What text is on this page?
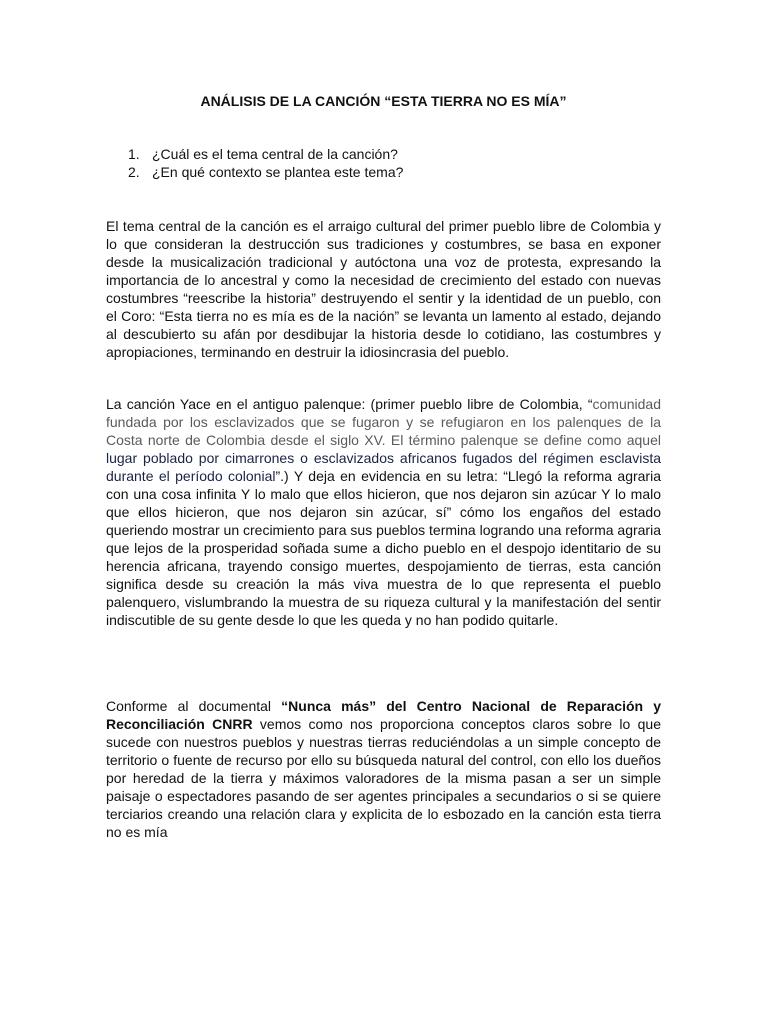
ANÁLISIS DE LA CANCIÓN “ESTA TIERRA NO ES MÍA”
1. ¿Cuál es el tema central de la canción?
2. ¿En qué contexto se plantea este tema?

El tema central de la canción es el arraigo cultural del primer pueblo libre de Colombia y lo que consideran la destrucción sus tradiciones y costumbres, se basa en exponer desde la musicalización tradicional y autóctona una voz de protesta, expresando la importancia de lo ancestral y como la necesidad de crecimiento del estado con nuevas costumbres “reescribe la historia” destruyendo el sentir y la identidad de un pueblo, con el Coro: “Esta tierra no es mía es de la nación” se levanta un lamento al estado, dejando al descubierto su afán por desdibujar la historia desde lo cotidiano, las costumbres y apropiaciones, terminando en destruir la idiosincrasia del pueblo.

La canción Yace en el antiguo palenque: (primer pueblo libre de Colombia, “comunidad fundada por los esclavizados que se fugaron y se refugiaron en los palenques de la Costa norte de Colombia desde el siglo XV. El término palenque se define como aquel lugar poblado por cimarrones o esclavizados africanos fugados del régimen esclavista durante el período colonial”.) Y deja en evidencia en su letra: “Llegó la reforma agraria con una cosa infinita Y lo malo que ellos hicieron, que nos dejaron sin azúcar Y lo malo que ellos hicieron, que nos dejaron sin azúcar, sí” cómo los engaños del estado queriendo mostrar un crecimiento para sus pueblos termina logrando una reforma agraria que lejos de la prosperidad soñada sume a dicho pueblo en el despojo identitario de su herencia africana, trayendo consigo muertes, despojamiento de tierras, esta canción significa desde su creación la más viva muestra de lo que representa el pueblo palenquero, vislumbrando la muestra de su riqueza cultural y la manifestación del sentir indiscutible de su gente desde lo que les queda y no han podido quitarle.

Conforme al documental “Nunca más” del Centro Nacional de Reparación y Reconciliación CNRR vemos como nos proporciona conceptos claros sobre lo que sucede con nuestros pueblos y nuestras tierras reduciéndolas a un simple concepto de territorio o fuente de recurso por ello su búsqueda natural del control, con ello los dueños por heredad de la tierra y máximos valoradores de la misma pasan a ser un simple paisaje o espectadores pasando de ser agentes principales a secundarios o si se quiere terciarios creando una relación clara y explicita de lo esbozado en la canción esta tierra no es mía
